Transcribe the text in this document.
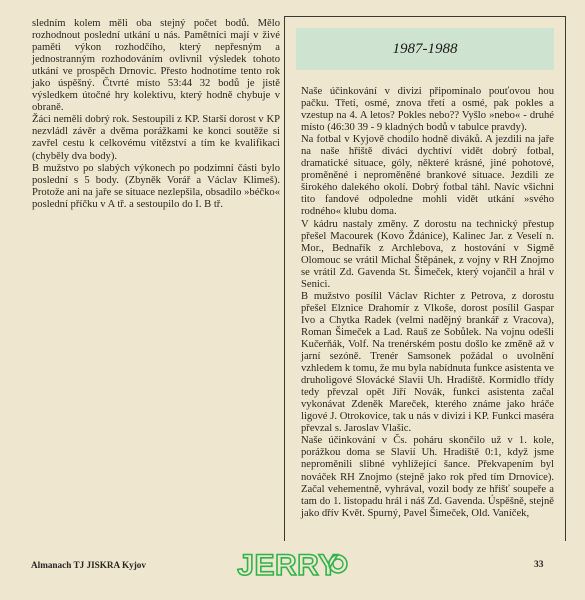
sledním kolem měli oba stejný počet bodů. Mělo rozhodnout poslední utkání u nás. Pamětníci mají v živé paměti výkon rozhodčího, který nepřesným a jednostranným rozhodováním ovlivnil výsledek tohoto utkání ve prospěch Drnovic. Přesto hodnotíme tento rok jako úspěšný. Čtvrté místo 53:44 32 bodů je jistě výsledkem útočné hry kolektivu, který hodně chybuje v obraně.

Žáci neměli dobrý rok. Sestoupili z KP. Starší dorost v KP nezvládl závěr a dvěma porážkami ke konci soutěže si zavřel cestu k celkovému vítězství a tím ke kvalifikaci (chyběly dva body).

B mužstvo po slabých výkonech po podzimní části bylo poslední s 5 body. (Zbyněk Vorář a Václav Klimeš). Protože ani na jaře se situace nezlepšila, obsadilo »béčko« poslední příčku v A tř. a sestoupilo do I. B tř.

1987-1988

Naše účinkování v divizi připomínalo pouťovou hou pačku. Třetí, osmé, znova třetí a osmé, pak pokles a vzestup na 4. A letos? Pokles nebo?? Vyšlo »nebo« - druhé místo (46:30 39 - 9 kladných bodů v tabulce pravdy).

Na fotbal v Kyjově chodilo hodně diváků. A jezdili na jaře na naše hřiště diváci dychtiví vidět dobrý fotbal, dramatické situace, góly, některé krásné, jiné pohotové, proměněné i neproměněné brankové situace. Jezdili ze širokého dalekého okolí. Dobrý fotbal táhl. Navíc všichni tito fandové odpoledne mohli vidět utkání »svého rodného« klubu doma.

V kádru nastaly změny. Z dorostu na technický přestup přešel Macourek (Kovo Ždánice), Kalinec Jar. z Veselí n. Mor., Bednařík z Archlebova, z hostování v Sigmě Olomouc se vrátil Michal Štěpánek, z vojny v RH Znojmo se vrátil Zd. Gavenda St. Šimeček, který vojančil a hrál v Senici.

B mužstvo posílil Václav Richter z Petrova, z dorostu přešel Elznice Drahomír z Vlkoše, dorost posílil Gaspar Ivo a Chytka Radek (velmi nadějný brankář z Vracova), Roman Šimeček a Lad. Rauš ze Sobůlek. Na vojnu odešli Kučerňák, Volf. Na trenérském postu došlo ke změně až v jarní sezóně. Trenér Samsonek požádal o uvolnění vzhledem k tomu, že mu byla nabídnuta funkce asistenta ve druholigové Slovácké Slavii Uh. Hradiště. Kormidlo třídy tedy převzal opět Jiří Novák, funkci asistenta začal vykonávat Zdeněk Mareček, kterého známe jako hráče ligové J. Otrokovice, tak u nás v divizi i KP. Funkci maséra převzal s. Jaroslav Vlašic.

Naše účinkování v Čs. poháru skončilo už v 1. kole, porážkou doma se Slavií Uh. Hradiště 0:1, když jsme neproměnili slibné vyhlížející šance. Překvapením byl nováček RH Znojmo (stejně jako rok před tím Drnovice). Začal vehementně, vyhrával, vozil body ze hřišť soupeře a tam do 1. listopadu hrál i náš Zd. Gavenda. Úspěšně, stejně jako dřív Květ. Spurný, Pavel Šimeček, Old. Vaníček,

Almanach TJ JISKRA Kyjov	JERRY	33
